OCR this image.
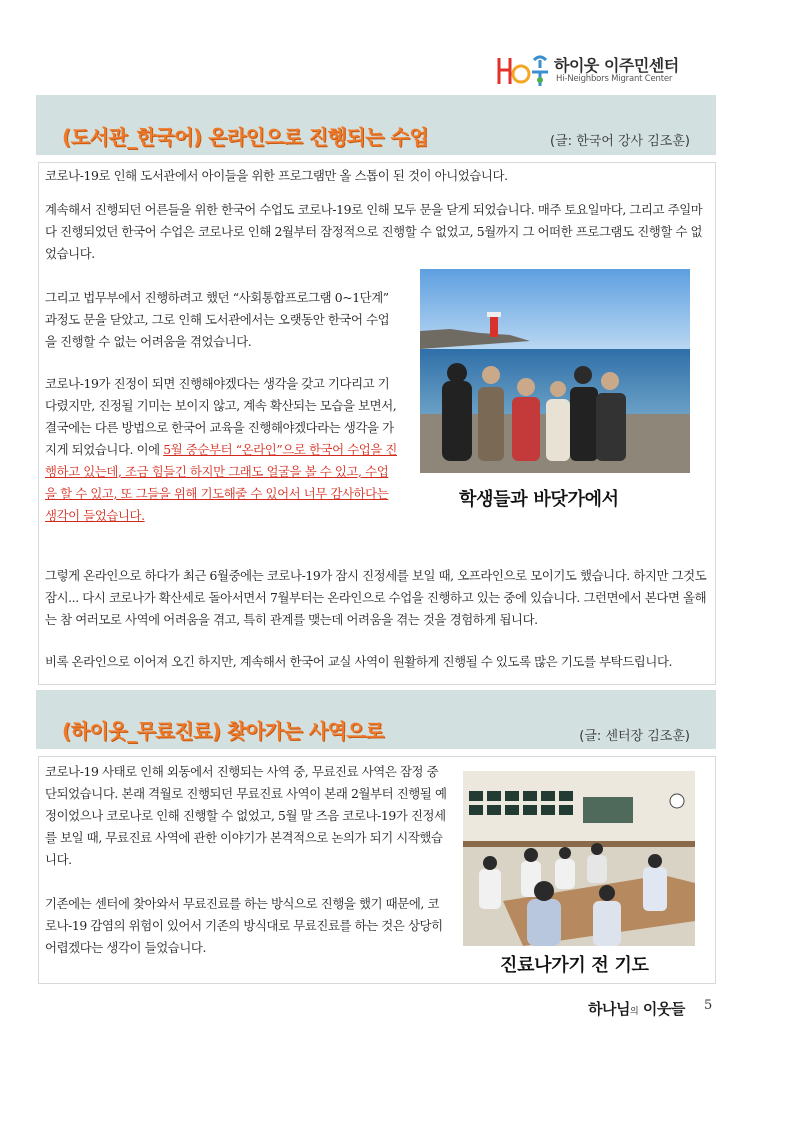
하이웃 이주민센터
Hi-Neighbors Migrant Center
(도서관_한국어) 온라인으로 진행되는 수업	(글: 한국어 강사 김조훈)

코로나-19로 인해 도서관에서 아이들을 위한 프로그램만 올 스톱이 된 것이 아니었습니다.

계속해서 진행되던 어른들을 위한 한국어 수업도 코로나-19로 인해 모두 문을 닫게 되었습니다. 매주 토요일마다, 그리고 주일마다 진행되었던 한국어 수업은 코로나로 인해 2월부터 잠정적으로 진행할 수 없었고, 5월까지 그 어떠한 프로그램도 진행할 수 없었습니다.

그리고 법무부에서 진행하려고 했던 “사회통합프로그램 0~1단계” 과정도 문을 닫았고, 그로 인해 도서관에서는 오랫동안 한국어 수업을 진행할 수 없는 어려움을 겪었습니다.

코로나-19가 진정이 되면 진행해야겠다는 생각을 갖고 기다리고 기다렸지만, 진정될 기미는 보이지 않고, 계속 확산되는 모습을 보면서, 결국에는 다른 방법으로 한국어 교육을 진행해야겠다라는 생각을 가지게 되었습니다. 이에 5월 중순부터 “온라인”으로 한국어 수업을 진행하고 있는데, 조금 힘들긴 하지만 그래도 얼굴을 볼 수 있고, 수업을 할 수 있고, 또 그들을 위해 기도해줄 수 있어서 너무 감사하다는 생각이 들었습니다.

그렇게 온라인으로 하다가 최근 6월중에는 코로나-19가 잠시 진정세를 보일 때, 오프라인으로 모이기도 했습니다. 하지만 그것도 잠시... 다시 코로나가 확산세로 돌아서면서 7월부터는 온라인으로 수업을 진행하고 있는 중에 있습니다. 그런면에서 본다면 올해는 참 여러모로 사역에 어려움을 겪고, 특히 관계를 맺는데 어려움을 겪는 것을 경험하게 됩니다.

비록 온라인으로 이어져 오긴 하지만, 계속해서 한국어 교실 사역이 원활하게 진행될 수 있도록 많은 기도를 부탁드립니다.

학생들과 바닷가에서
(하이웃_무료진료) 찾아가는 사역으로	(글: 센터장 김조훈)

코로나-19 사태로 인해 외동에서 진행되는 사역 중, 무료진료 사역은 잠정 중단되었습니다. 본래 격월로 진행되던 무료진료 사역이 본래 2월부터 진행될 예정이었으나 코로나로 인해 진행할 수 없었고, 5월 말 즈음 코로나-19가 진정세를 보일 때, 무료진료 사역에 관한 이야기가 본격적으로 논의가 되기 시작했습니다.

기존에는 센터에 찾아와서 무료진료를 하는 방식으로 진행을 했기 때문에, 코로나-19 감염의 위험이 있어서 기존의 방식대로 무료진료를 하는 것은 상당히 어렵겠다는 생각이 들었습니다.

진료나가기 전 기도
하나님의 이웃들 5
